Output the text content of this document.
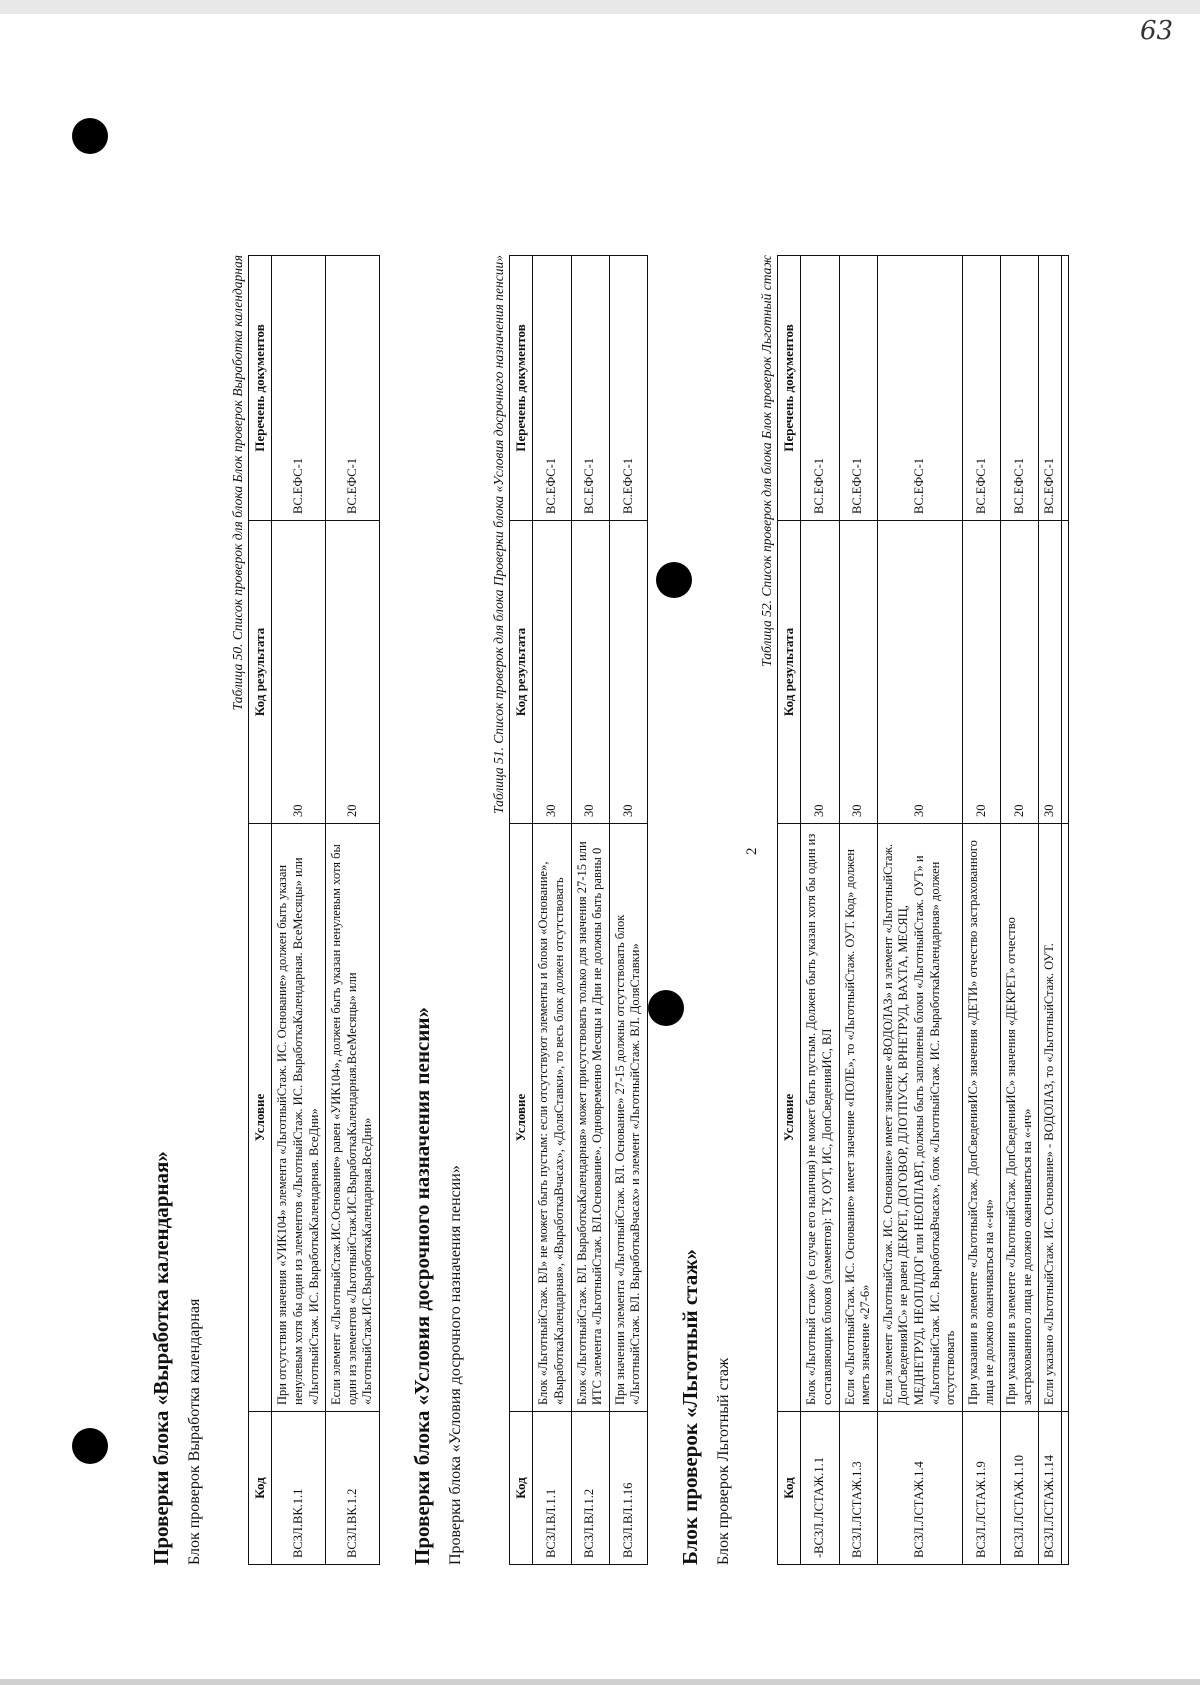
63
2
Проверки блока «Выработка календарная» Блок проверок Выработка календарная
Таблица 50. Список проверок для блока Блок проверок Выработка календарная
Код	Условие	Код результата	Перечень документов
ВСЗЛ.ВК.1.1	При отсутствии значения «УИК104» элемента «ЛьготныйСтаж. ИС. Основание» должен быть указан ненулевым хотя бы один из элементов «ЛьготныйСтаж. ИС. ВыработкаКалендарная. ВсеМесяцы» или «ЛьготныйСтаж. ИС. ВыработкаКалендарная. ВсеДни»	30	ВС.ЕФС-1
ВСЗЛ.ВК.1.2	Если элемент «ЛьготныйСтаж.ИС.Основание» равен «УИК104», должен быть указан ненулевым хотя бы один из элементов «ЛьготныйСтаж.ИС.ВыработкаКалендарная.ВсеМесяцы» или «ЛьготныйСтаж.ИС.ВыработкаКалендарная.ВсеДни»	20	ВС.ЕФС-1
Проверки блока «Условия досрочного назначения пенсии» Проверки блока «Условия досрочного назначения пенсии»
Таблица 51. Список проверок для блока Проверки блока «Условия досрочного назначения пенсии»
Код	Условие	Код результата	Перечень документов
ВСЗЛ.ВЛ.1.1	Блок «ЛьготныйСтаж. ВЛ» не может быть пустым: если отсутствуют элементы и блоки «Основание», «ВыработкаКалендарная», «ВыработкаВчасах», «ДоляСтавки», то весь блок должен отсутствовать	30	ВС.ЕФС-1
ВСЗЛ.ВЛ.1.2	Блок «ЛьготныйСтаж. ВЛ. ВыработкаКалендарная» может присутствовать только для значения 27-15 или ИТС элемента «ЛьготныйСтаж. ВЛ.Основание». Одновременно Месяцы и Дни не должны быть равны 0	30	ВС.ЕФС-1
ВСЗЛ.ВЛ.1.16	При значении элемента «ЛьготныйСтаж. ВЛ. Основание» 27-15 должны отсутствовать блок «ЛьготныйСтаж. ВЛ. ВыработкаВчасах» и элемент «ЛьготныйСтаж. ВЛ. ДоляСтавки»	30	ВС.ЕФС-1
Блок проверок «Льготный стаж» Блок проверок Льготный стаж
Таблица 52. Список проверок для блока Блок проверок Льготный стаж
Код	Условие	Код результата	Перечень документов
-ВСЗЛ.ЛСТАЖ.1.1	Блок «Льготный стаж» (в случае его наличия) не может быть пустым. Должен быть указан хотя бы один из составляющих блоков (элементов): ТУ, ОУТ, ИС, ДопСведенияИС, ВЛ	30	ВС.ЕФС-1
ВСЗЛ.ЛСТАЖ.1.3	Если «ЛьготныйСтаж. ИС. Основание» имеет значение «ПОЛЕ», то «ЛьготныйСтаж. ОУТ. Код» должен иметь значение «27-6»	30	ВС.ЕФС-1
ВСЗЛ.ЛСТАЖ.1.4	Если элемент «ЛьготныйСтаж. ИС. Основание» имеет значение «ВОДОЛАЗ» и элемент «ЛьготныйСтаж. ДопСведенияИС» не равен ДЕКРЕТ, ДОГОВОР, ДЛОТПУСК, ВРНЕТРУД, ВАХТА, МЕСЯЦ, МЕДНЕТРУД, НЕОПЛДОГ или НЕОПЛАВТ, должны быть заполнены блоки «ЛьготныйСтаж. ОУТ» и «ЛьготныйСтаж. ИС. ВыработкаВчасах», блок «ЛьготныйСтаж. ИС. ВыработкаКалендарная» должен отсутствовать	30	ВС.ЕФС-1
ВСЗЛ.ЛСТАЖ.1.9	При указании в элементе «ЛьготныйСтаж. ДопСведенияИС» значения «ДЕТИ» отчество застрахованного лица не должно оканчиваться на «-ич»	20	ВС.ЕФС-1
ВСЗЛ.ЛСТАЖ.1.10	При указании в элементе «ЛьготныйСтаж. ДопСведенияИС» значения «ДЕКРЕТ» отчество застрахованного лица не должно оканчиваться на «-ич»	20	ВС.ЕФС-1
ВСЗЛ.ЛСТАЖ.1.14	Если указано «ЛьготныйСтаж. ИС. Основание» - ВОДОЛАЗ, то «ЛьготныйСтаж. ОУТ.	30	ВС.ЕФС-1
